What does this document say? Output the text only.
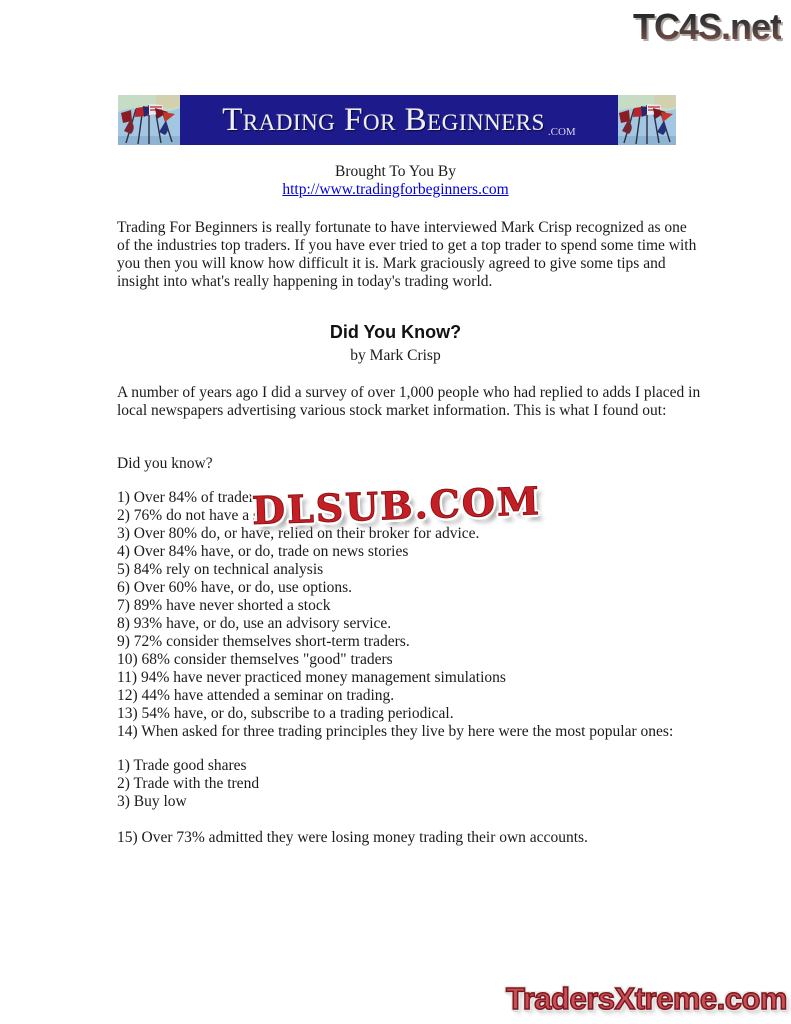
TC4S.net
Trading For Beginners .COM
Brought To You By
http://www.tradingforbeginners.com

Trading For Beginners is really fortunate to have interviewed Mark Crisp recognized as one of the industries top traders. If you have ever tried to get a top trader to spend some time with you then you will know how difficult it is. Mark graciously agreed to give some tips and insight into what's really happening in today's trading world.

Did You Know?
by Mark Crisp

A number of years ago I did a survey of over 1,000 people who had replied to adds I placed in local newspapers advertising various stock market information. This is what I found out:

Did you know?
1) Over 84% of traders
2) 76% do not have a s
3) Over 80% do, or have, relied on their broker for advice.
4) Over 84% have, or do, trade on news stories
5) 84% rely on technical analysis
6) Over 60% have, or do, use options.
7) 89% have never shorted a stock
8) 93% have, or do, use an advisory service.
9) 72% consider themselves short-term traders.
10) 68% consider themselves "good" traders
11) 94% have never practiced money management simulations
12) 44% have attended a seminar on trading.
13) 54% have, or do, subscribe to a trading periodical.
14) When asked for three trading principles they live by here were the most popular ones:
DLSUB.COM
1) Trade good shares
2) Trade with the trend
3) Buy low
15) Over 73% admitted they were losing money trading their own accounts.
TradersXtreme.com
